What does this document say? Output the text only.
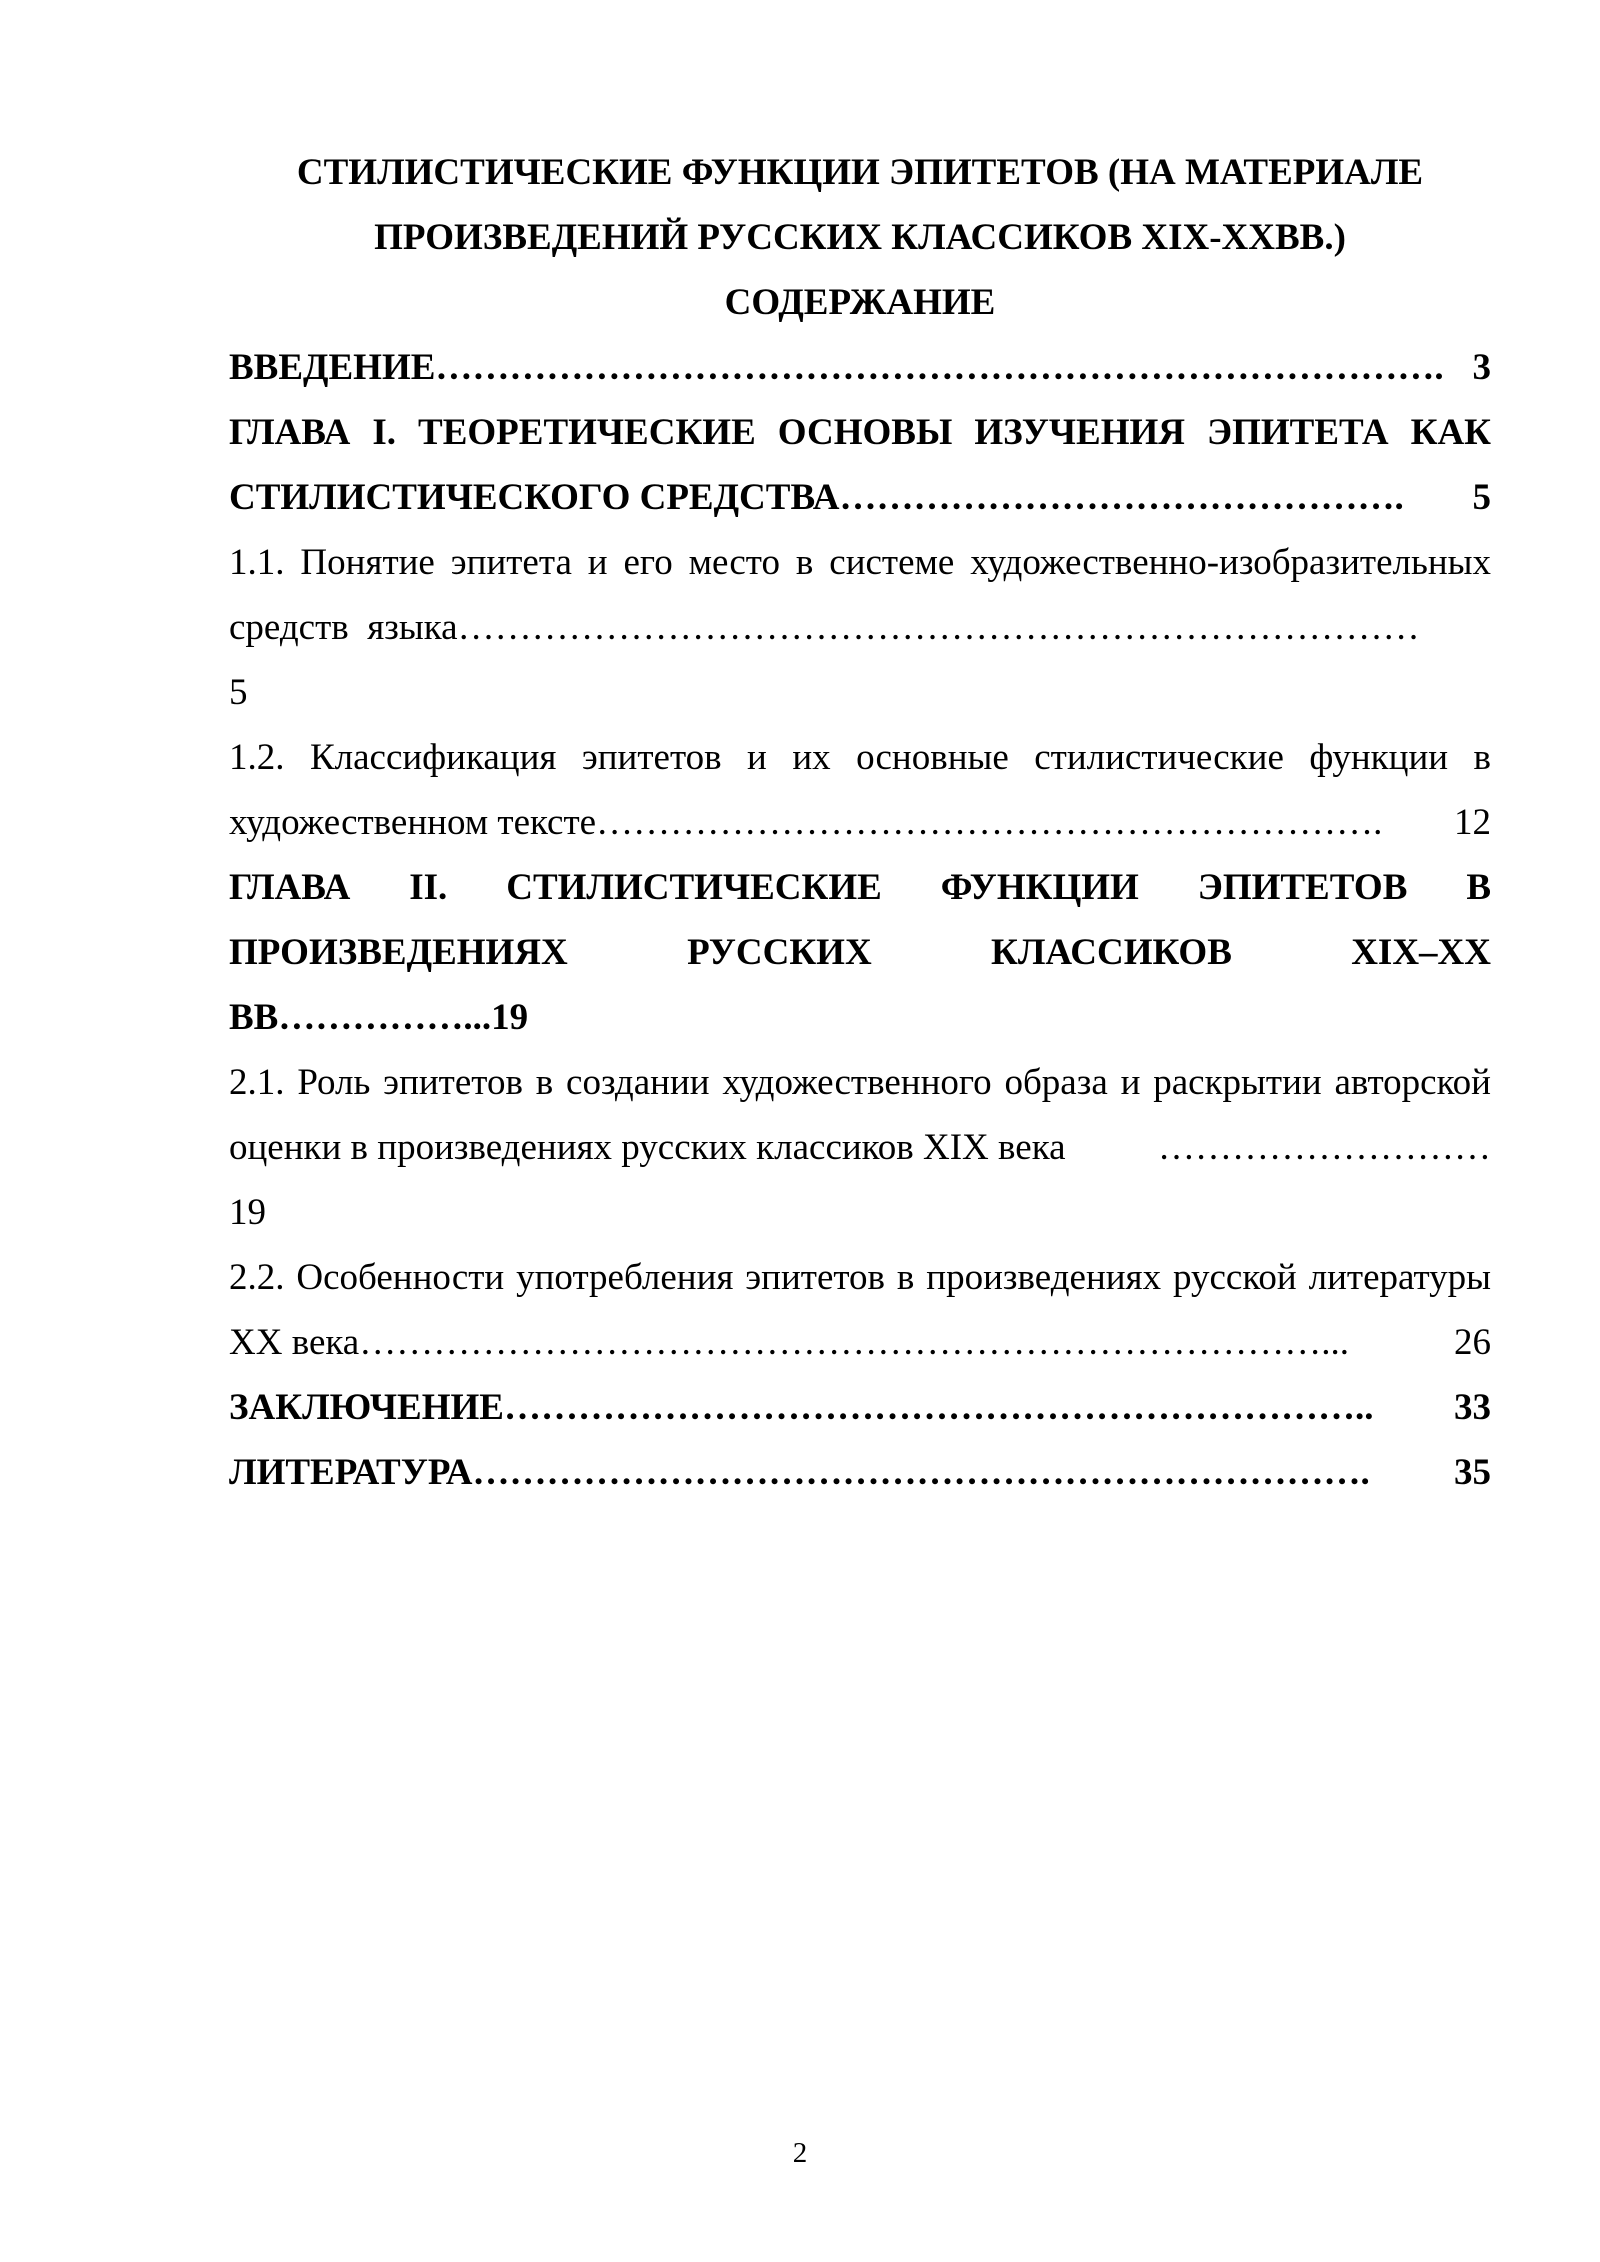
СТИЛИСТИЧЕСКИЕ ФУНКЦИИ ЭПИТЕТОВ (НА МАТЕРИАЛЕ
ПРОИЗВЕДЕНИЙ РУССКИХ КЛАССИКОВ XIX-XXВВ.)
СОДЕРЖАНИЕ
ВВЕДЕНИЕ ………………………………………………………………………. 3
ГЛАВА I. ТЕОРЕТИЧЕСКИЕ ОСНОВЫ ИЗУЧЕНИЯ ЭПИТЕТА КАК
СТИЛИСТИЧЕСКОГО СРЕДСТВА ……………………………………….	5
1.1. Понятие эпитета и его место в системе художественно-изобразительных
средств  языка ……………………………………………………………………
5
1.2. Классификация эпитетов и их основные стилистические функции в
художественном тексте ……………………………………………………….	12
ГЛАВА II. СТИЛИСТИЧЕСКИЕ ФУНКЦИИ ЭПИТЕТОВ В
ПРОИЗВЕДЕНИЯХ РУССКИХ КЛАССИКОВ XIX–XX
ВВ……………...19
2.1. Роль эпитетов в создании художественного образа и раскрытии авторской
оценки в произведениях русских классиков XIX века	………………………
19
2.2. Особенности употребления эпитетов в произведениях русской литературы
XX века ……………………………………………………………………...	26
ЗАКЛЮЧЕНИЕ ……………………………………………………………..	33
ЛИТЕРАТУРА ……………………………………………………………….	35
2
